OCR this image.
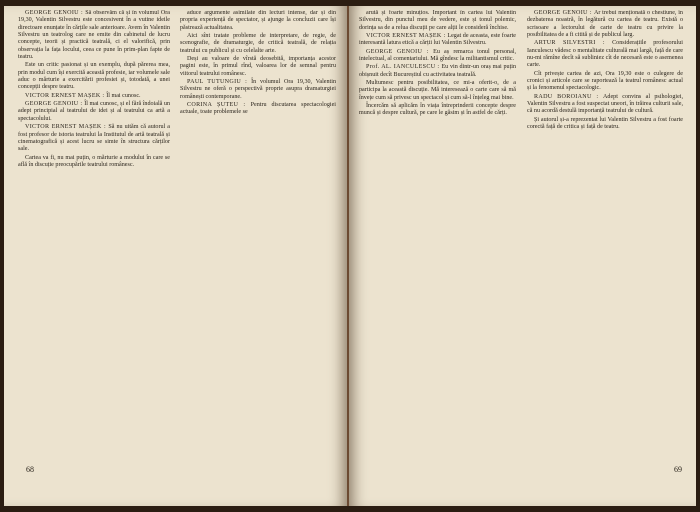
GEORGE GENOIU : Să observăm că și în volumul Ora 19,30, Valentin Silvestru este concesivent în a vutine ideile directoare enunțate în cărțile sale anterioare. Avem în Valentin Silvestru un teatrolog care ne emite din cabinetul de lucru concepte, teorii și practică teatrală, ci el valorifică, prin observația la fața locului, ceea ce pune în prim-plan fapte de teatru.

Este un critic pasionat și un exemplu, după părerea mea, prin modul cum își exercită această profesie, iar volumele sale aduc o mărturie a exercitării profesiei și, totodată, a unei concepții despre teatru.

VICTOR ERNEST MAȘEK : Îl mai cunosc.

GEORGE GENOIU : Îl mai cunosc, și el fără îndoială un adept principial al teatrului de idei și al teatrului ca artă a spectacolului.

VICTOR ERNEST MAȘEK : Să nu uităm că autorul a fost profesor de istoria teatrului la Institutul de artă teatrală și cinematografică și acest lucru se simte în structura cărților sale.

Cartea va fi, nu mai puțin, o mărturie a modului în care se află în discuție preocupările teatrului românesc.

aduce argumente asimilate din lecturi intense, dar și din propria experiență de spectator, și ajunge la concluzii care își păstrează actualitatea.

Aici sînt tratate probleme de interpretare, de regie, de scenografie, de dramaturgie, de critică teatrală, de relația teatrului cu publicul și cu celelalte arte.

Deși au valoare de vîrstă deosebită, importanța acestor pagini este, în primul rînd, valoarea lor de semnal pentru viitorul teatrului românesc.

PAUL TUTUNGIU : În volumul Ora 19,30, Valentin Silvestru ne oferă o perspectivă proprie asupra dramaturgiei românești contemporane.

CORINA ȘUTEU : Pentru discutarea spectacologiei actuale, toate problemele se

68

arută și foarte minuțios. Important în cartea lui Valentin Silvestru, din punctul meu de vedere, este și tonul polemic, dorința sa de a relua discuții pe care alții le consideră închise.

VICTOR ERNEST MAȘEK : Legat de aceasta, este foarte interesantă latura etică a cărții lui Valentin Silvestru.

GEORGE GENOIU : Eu aș remarca tonul personal, intelectual, al comentariului. Mă gîndesc la militantismul critic.

Prof. AL. IANCULESCU : Eu vin dintr-un oraș mai puțin obișnuit decît Bucureștiul cu activitatea teatrală.

Multumesc pentru posibilitatea, ce mi-a oferit-o, de a participa la această discuție. Mă interesează o carte care să mă învețe cum să privesc un spectacol și cum să-l înțeleg mai bine.

Încercăm să aplicăm în viața întreprinderii concepte despre muncă și despre cultură, pe care le găsim și în astfel de cărți.

GEORGE GENOIU : Ar trebui menționată o chestiune, în dezbaterea noastră, în legătură cu cartea de teatru. Există o scrisoare a lectorului de carte de teatru cu privire la posibilitatea de a fi citită și de publicul larg.

ARTUR SILVESTRI : Considerațiile profesorului Ianculescu vădesc o mentalitate culturală mai largă, față de care nu-mi rămîne decît să subliniez cît de necesară este o asemenea carte.

Cît privește cartea de azi, Ora 19,30 este o culegere de cronici și articole care se raportează la teatrul românesc actual și la fenomenul spectacologic.

RADU BOROIANU : Adept convins al psihologiei, Valentin Silvestru a fost suspectat uneori, în trăirea culturii sale, că nu acordă destulă importanță teatrului de cultură.

Și autorul și-a reprezentat lui Valentin Silvestru a fost foarte corectă față de critica și față de teatru.

69
